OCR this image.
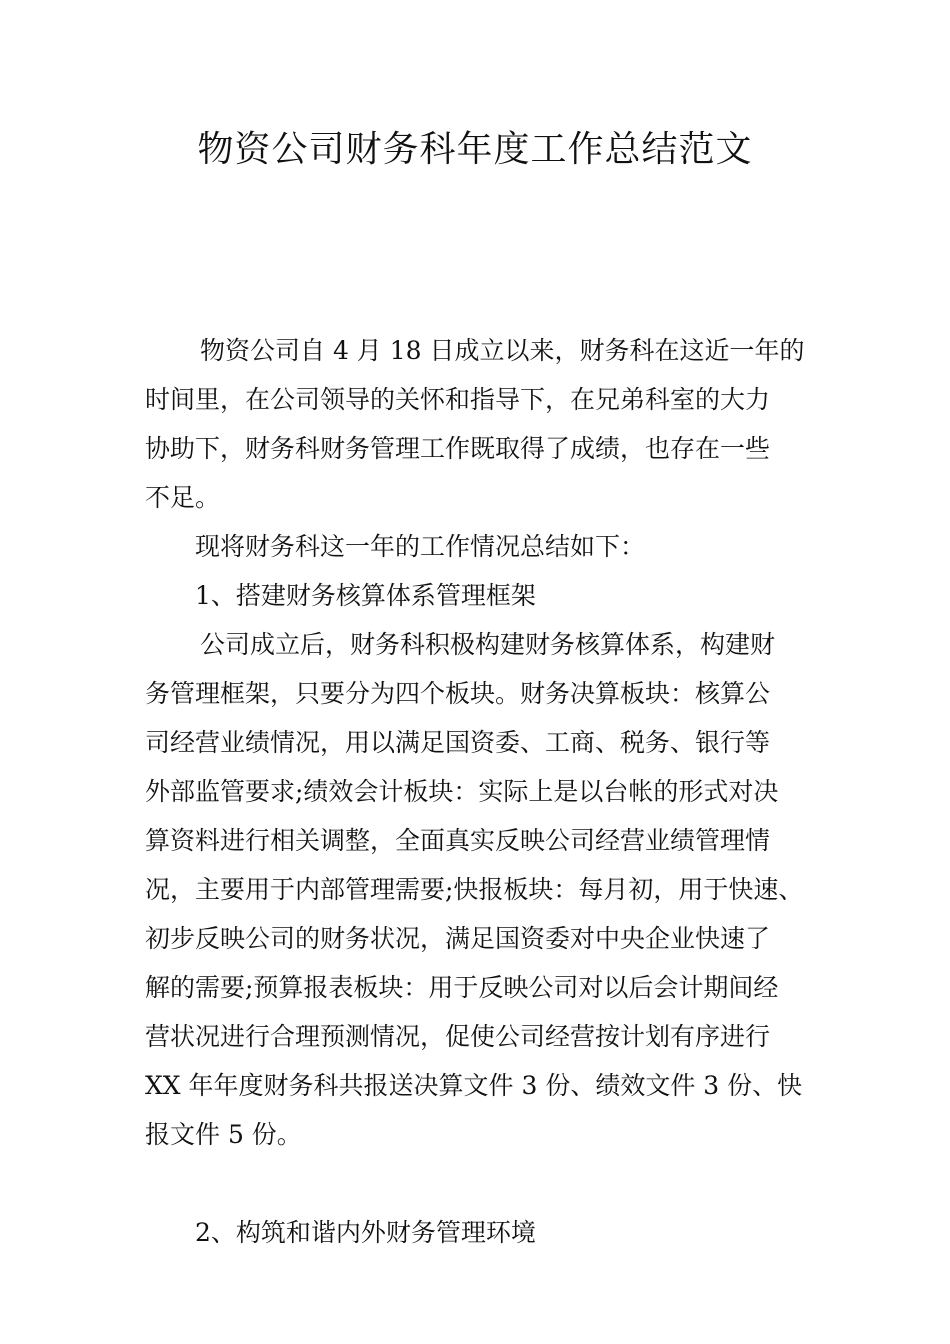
物资公司财务科年度工作总结范文
物资公司自 4 月 18 日成立以来，财务科在这近一年的
时间里，在公司领导的关怀和指导下，在兄弟科室的大力
协助下，财务科财务管理工作既取得了成绩，也存在一些
不足。
现将财务科这一年的工作情况总结如下：
1、搭建财务核算体系管理框架
公司成立后，财务科积极构建财务核算体系，构建财
务管理框架，只要分为四个板块。财务决算板块：核算公
司经营业绩情况，用以满足国资委、工商、税务、银行等
外部监管要求;绩效会计板块：实际上是以台帐的形式对决
算资料进行相关调整，全面真实反映公司经营业绩管理情
况，主要用于内部管理需要;快报板块：每月初，用于快速、
初步反映公司的财务状况，满足国资委对中央企业快速了
解的需要;预算报表板块：用于反映公司对以后会计期间经
营状况进行合理预测情况，促使公司经营按计划有序进行
XX 年年度财务科共报送决算文件 3 份、绩效文件 3 份、快
报文件 5 份。
2、构筑和谐内外财务管理环境
